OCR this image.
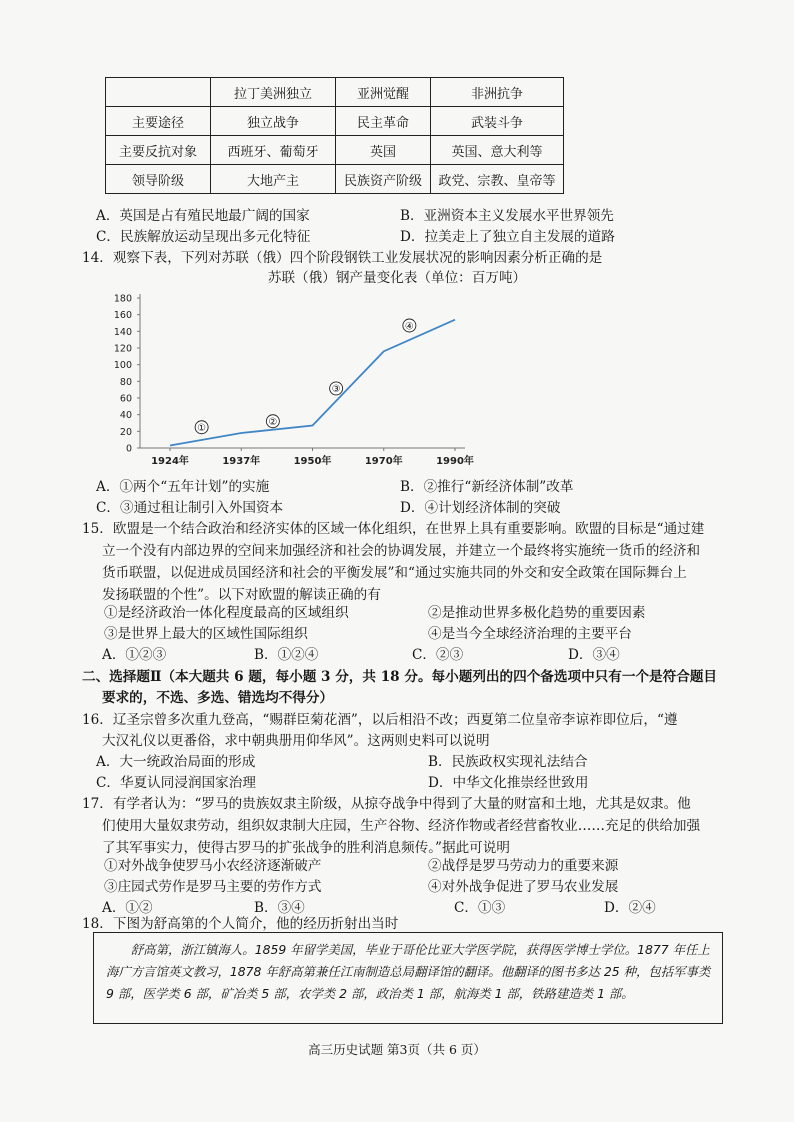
	拉丁美洲独立	亚洲觉醒	非洲抗争
主要途径	独立战争	民主革命	武装斗争
主要反抗对象	西班牙、葡萄牙	英国	英国、意大利等
领导阶级	大地产主	民族资产阶级	政党、宗教、皇帝等
A．英国是占有殖民地最广阔的国家	B．亚洲资本主义发展水平世界领先
C．民族解放运动呈现出多元化特征	D．拉美走上了独立自主发展的道路
14．观察下表，下列对苏联（俄）四个阶段钢铁工业发展状况的影响因素分析正确的是
苏联（俄）钢产量变化表（单位：百万吨）
0
20
40
60
80
100
120
140
160
180
1924年	1937年	1950年	1970年	1990年
①
②
③
④
A．①两个“五年计划”的实施	B．②推行“新经济体制”改革
C．③通过租让制引入外国资本	D．④计划经济体制的突破
15．欧盟是一个结合政治和经济实体的区域一体化组织，在世界上具有重要影响。欧盟的目标是“通过建
立一个没有内部边界的空间来加强经济和社会的协调发展，并建立一个最终将实施统一货币的经济和
货币联盟，以促进成员国经济和社会的平衡发展”和“通过实施共同的外交和安全政策在国际舞台上
发扬联盟的个性”。以下对欧盟的解读正确的有
①是经济政治一体化程度最高的区域组织	②是推动世界多极化趋势的重要因素
③是世界上最大的区域性国际组织	④是当今全球经济治理的主要平台
A．①②③	B．①②④	C．②③	D．③④
二、选择题Ⅱ（本大题共 6 题，每小题 3 分，共 18 分。每小题列出的四个备选项中只有一个是符合题目
要求的，不选、多选、错选均不得分）
16．辽圣宗曾多次重九登高，“赐群臣菊花酒”，以后相沿不改；西夏第二位皇帝李谅祚即位后，“遵
大汉礼仪以更番俗，求中朝典册用仰华风”。这两则史料可以说明
A．大一统政治局面的形成	B．民族政权实现礼法结合
C．华夏认同浸润国家治理	D．中华文化推崇经世致用
17．有学者认为：“罗马的贵族奴隶主阶级，从掠夺战争中得到了大量的财富和土地，尤其是奴隶。他
们使用大量奴隶劳动，组织奴隶制大庄园，生产谷物、经济作物或者经营畜牧业……充足的供给加强
了其军事实力，使得古罗马的扩张战争的胜利消息频传。”据此可说明
①对外战争使罗马小农经济逐渐破产	②战俘是罗马劳动力的重要来源
③庄园式劳作是罗马主要的劳作方式	④对外战争促进了罗马农业发展
A．①②	B．③④	C．①③	D．②④
18．下图为舒高第的个人简介，他的经历折射出当时
舒高第，浙江镇海人。1859 年留学美国，毕业于哥伦比亚大学医学院，获得医学博士学位。1877 年任上海广方言馆英文教习，1878 年舒高第兼任江南制造总局翻译馆的翻译。他翻译的图书多达 25 种，包括军事类 9 部，医学类 6 部，矿冶类 5 部，农学类 2 部，政治类 1 部，航海类 1 部，铁路建造类 1 部。
高三历史试题 第3页（共 6 页）
